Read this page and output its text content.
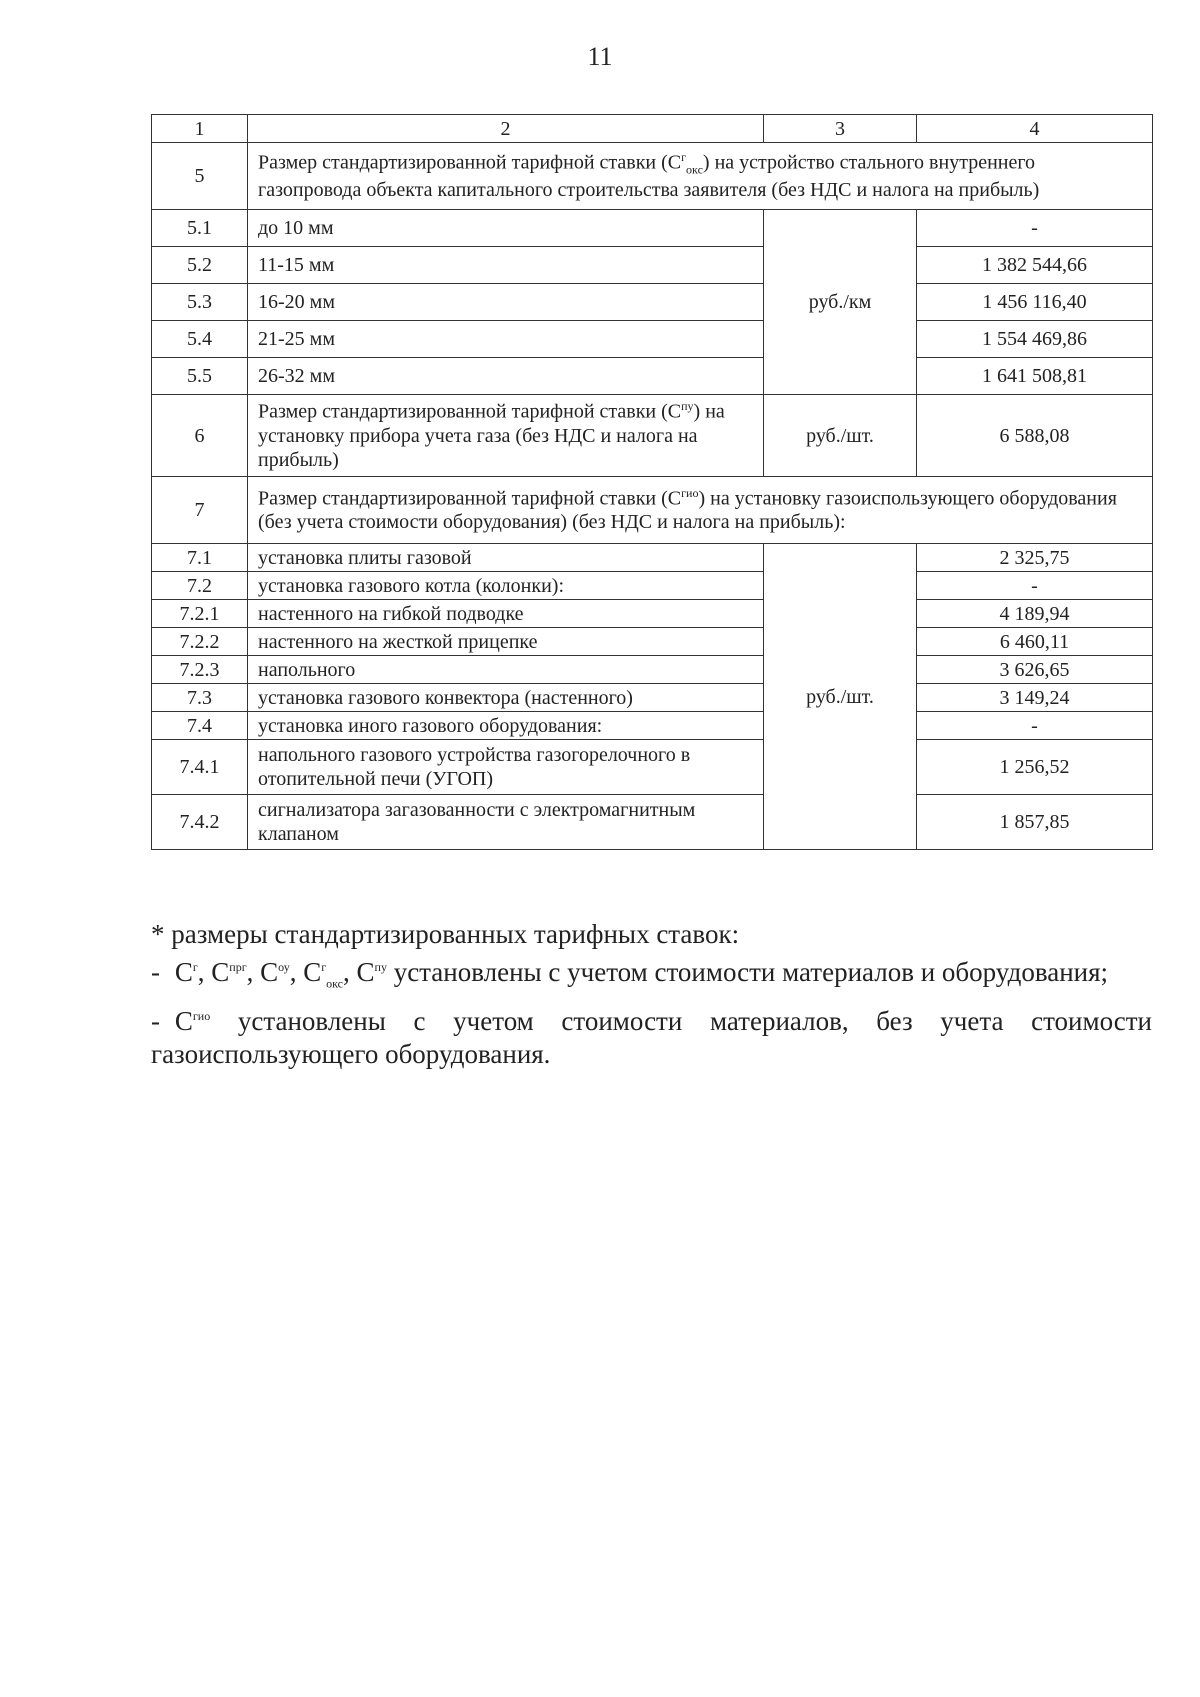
11
1	2	3	4
5	Размер стандартизированной тарифной ставки $(С^г_{окс})$ на устройство стального внутреннего газопровода объекта капитального строительства заявителя (без НДС и налога на прибыль)		
5.1	до 10 мм	руб./км	-
5.2	11-15 мм		1 382 544,66
5.3	16-20 мм		1 456 116,40
5.4	21-25 мм		1 554 469,86
5.5	26-32 мм		1 641 508,81
6	Размер стандартизированной тарифной ставки $(С^{пу})$ на установку прибора учета газа (без НДС и налога на прибыль)	руб./шт.	6 588,08
7	Размер стандартизированной тарифной ставки $(С^{гио})$ на установку газоиспользующего оборудования (без учета стоимости оборудования) (без НДС и налога на прибыль):		
7.1	установка плиты газовой	руб./шт.	2 325,75
7.2	установка газового котла (колонки):		-
7.2.1	настенного на гибкой подводке		4 189,94
7.2.2	настенного на жесткой прицепке		6 460,11
7.2.3	напольного		3 626,65
7.3	установка газового конвектора (настенного)		3 149,24
7.4	установка иного газового оборудования:		-
7.4.1	напольного газового устройства газогорелочного в отопительной печи (УГОП)		1 256,52
7.4.2	сигнализатора загазованности с электромагнитным клапаном		1 857,85

* размеры стандартизированных тарифных ставок:

- $С^г$, $С^{прг}$, $С^{оу}$, $С^г_{окс}$, $С^{пу}$ установлены с учетом стоимости материалов и оборудования;

- $С^{гио}$ установлены с учетом стоимости материалов, без учета стоимости газоиспользующего оборудования.
